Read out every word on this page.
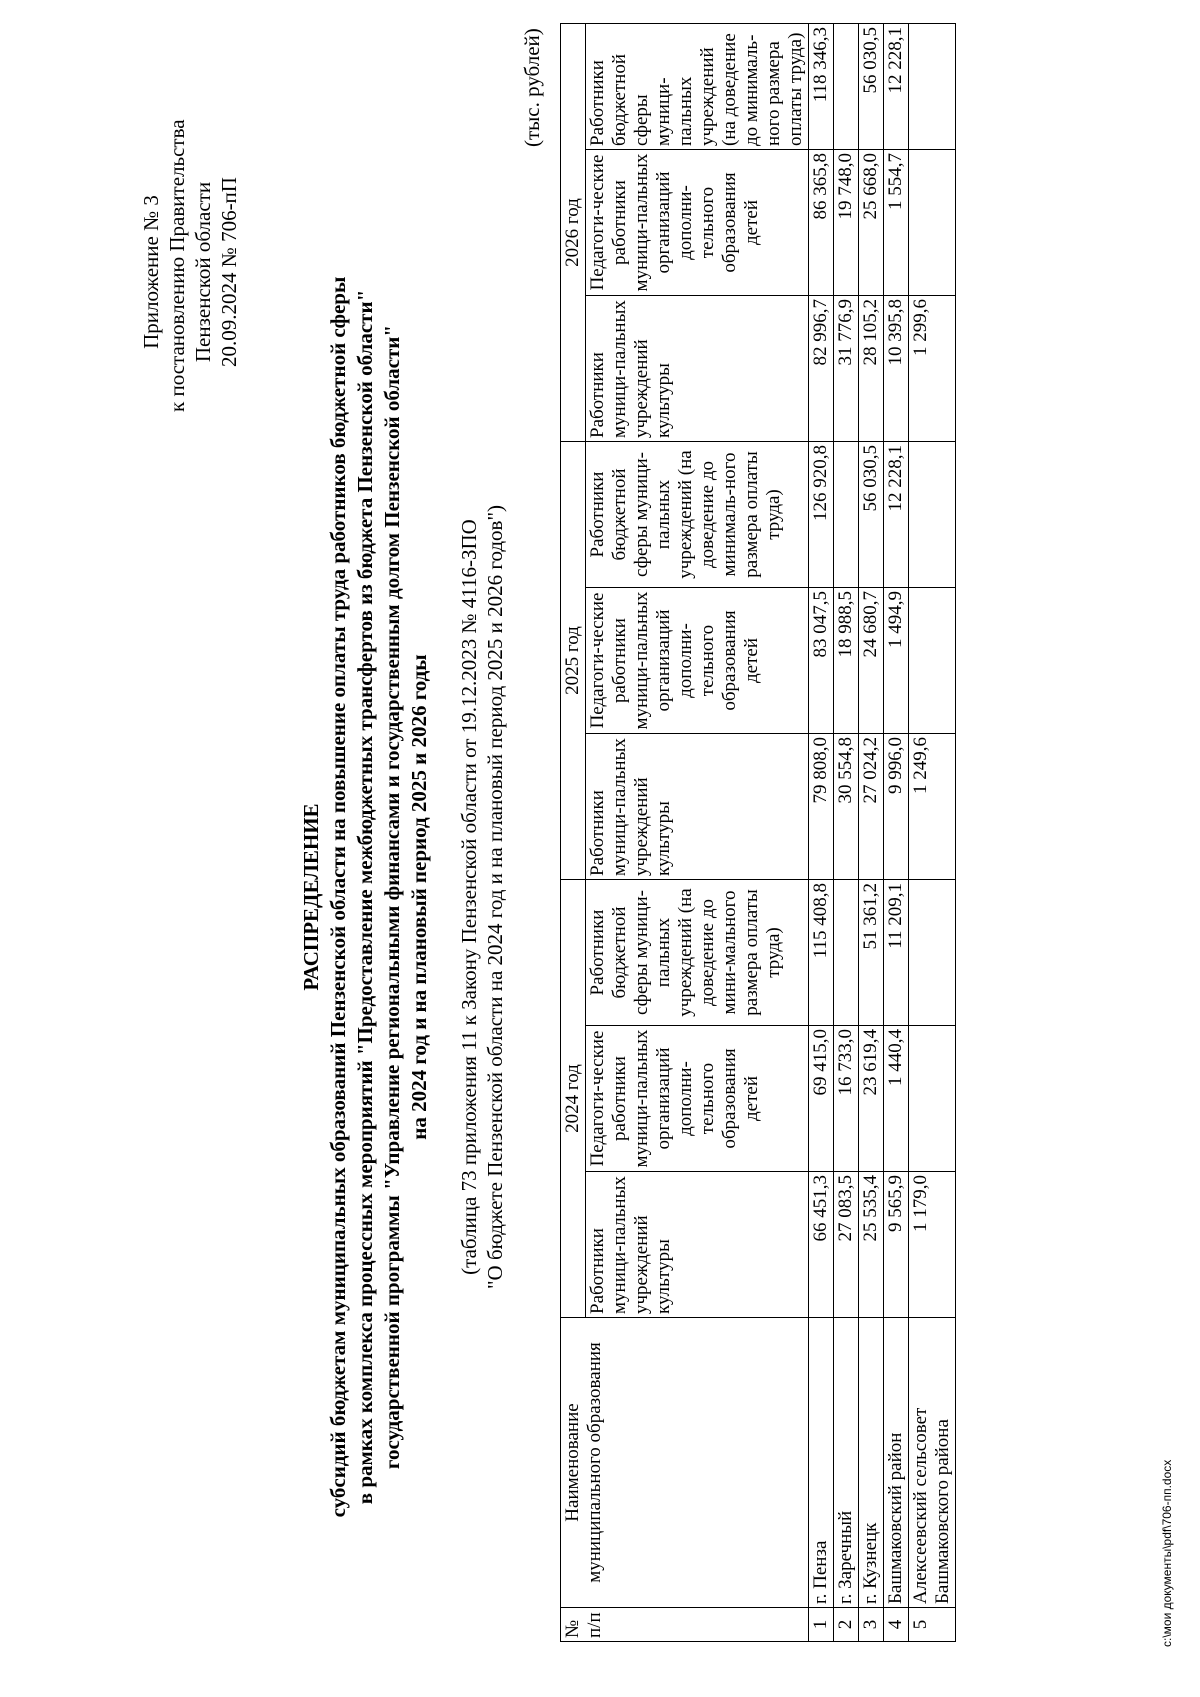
Приложение № 3 к постановлению Правительства Пензенской области 20.09.2024 № 706-пП
РАСПРЕДЕЛЕНИЕ субсидий бюджетам муниципальных образований Пензенской области на повышение оплаты труда работников бюджетной сферы в рамках комплекса процессных мероприятий "Предоставление межбюджетных трансфертов из бюджета Пензенской области" государственной программы "Управление региональными финансами и государственным долгом Пензенской области" на 2024 год и на плановый период 2025 и 2026 годы (таблица 73 приложения 11 к Закону Пензенской области от 19.12.2023 № 4116-ЗПО "О бюджете Пензенской области на 2024 год и на плановый период 2025 и 2026 годов")
(тыс. рублей)
№ п/п	Наименование муниципального образования	2024 год			2025 год			2026 год		
		Работники муници-пальных учреждений культуры	Педагоги-ческие работники муници-пальных организаций дополни-тельного образования детей	Работники бюджетной сферы муници-пальных учреждений (на доведение до мини-мального размера оплаты труда)	Работники муници-пальных учреждений культуры	Педагоги-ческие работники муници-пальных организаций дополни-тельного образования детей	Работники бюджетной сферы муници-пальных учреждений (на доведение до минималь-ного размера оплаты труда)	Работники муници-пальных учреждений культуры	Педагоги-ческие работники муници-пальных организаций дополни-тельного образования детей	Работники бюджетной сферы муници-пальных учреждений (на доведение до минималь-ного размера оплаты труда)
1	г. Пенза	66 451,3	69 415,0	115 408,8	79 808,0	83 047,5	126 920,8	82 996,7	86 365,8	118 346,3
2	г. Заречный	27 083,5	16 733,0		30 554,8	18 988,5		31 776,9	19 748,0	
3	г. Кузнецк	25 535,4	23 619,4	51 361,2	27 024,2	24 680,7	56 030,5	28 105,2	25 668,0	56 030,5
4	Башмаковский район	9 565,9	1 440,4	11 209,1	9 996,0	1 494,9	12 228,1	10 395,8	1 554,7	12 228,1
5	Алексеевский сельсовет Башмаковского района	1 179,0			1 249,6			1 299,6		
c:\мои документы\pdf\706-пп.docx
